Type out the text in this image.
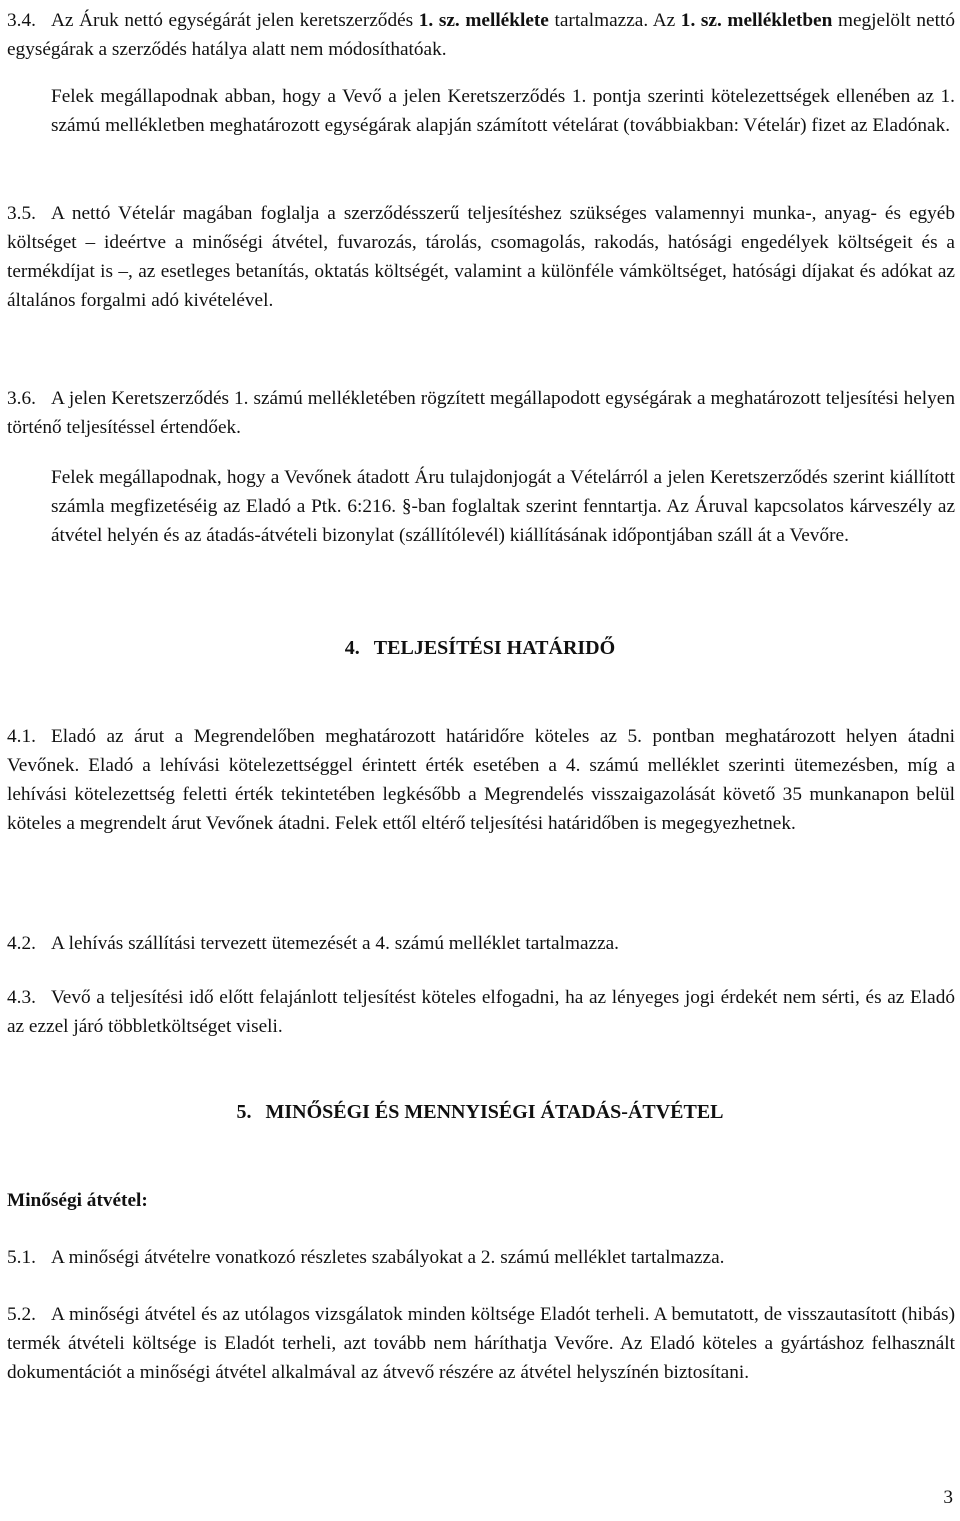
3.4. Az Áruk nettó egységárát jelen keretszerződés 1. sz. melléklete tartalmazza. Az 1. sz. mellékletben megjelölt nettó egységárak a szerződés hatálya alatt nem módosíthatóak.
Felek megállapodnak abban, hogy a Vevő a jelen Keretszerződés 1. pontja szerinti kötelezettségek ellenében az 1. számú mellékletben meghatározott egységárak alapján számított vételárat (továbbiakban: Vételár) fizet az Eladónak.
3.5. A nettó Vételár magában foglalja a szerződésszerű teljesítéshez szükséges valamennyi munka-, anyag- és egyéb költséget – ideértve a minőségi átvétel, fuvarozás, tárolás, csomagolás, rakodás, hatósági engedélyek költségeit és a termékdíjat is –, az esetleges betanítás, oktatás költségét, valamint a különféle vámköltséget, hatósági díjakat és adókat az általános forgalmi adó kivételével.
3.6. A jelen Keretszerződés 1. számú mellékletében rögzített megállapodott egységárak a meghatározott teljesítési helyen történő teljesítéssel értendőek.
Felek megállapodnak, hogy a Vevőnek átadott Áru tulajdonjogát a Vételárról a jelen Keretszerződés szerint kiállított számla megfizetéséig az Eladó a Ptk. 6:216. §-ban foglaltak szerint fenntartja. Az Áruval kapcsolatos kárveszély az átvétel helyén és az átadás-átvételi bizonylat (szállítólevél) kiállításának időpontjában száll át a Vevőre.
4. TELJESÍTÉSI HATÁRIDŐ
4.1. Eladó az árut a Megrendelőben meghatározott határidőre köteles az 5. pontban meghatározott helyen átadni Vevőnek. Eladó a lehívási kötelezettséggel érintett érték esetében a 4. számú melléklet szerinti ütemezésben, míg a lehívási kötelezettség feletti érték tekintetében legkésőbb a Megrendelés visszaigazolását követő 35 munkanapon belül köteles a megrendelt árut Vevőnek átadni. Felek ettől eltérő teljesítési határidőben is megegyezhetnek.
4.2. A lehívás szállítási tervezett ütemezését a 4. számú melléklet tartalmazza.
4.3. Vevő a teljesítési idő előtt felajánlott teljesítést köteles elfogadni, ha az lényeges jogi érdekét nem sérti, és az Eladó az ezzel járó többletköltséget viseli.
5. MINŐSÉGI ÉS MENNYISÉGI ÁTADÁS-ÁTVÉTEL
Minőségi átvétel:
5.1. A minőségi átvételre vonatkozó részletes szabályokat a 2. számú melléklet tartalmazza.
5.2. A minőségi átvétel és az utólagos vizsgálatok minden költsége Eladót terheli. A bemutatott, de visszautasított (hibás) termék átvételi költsége is Eladót terheli, azt tovább nem háríthatja Vevőre. Az Eladó köteles a gyártáshoz felhasznált dokumentációt a minőségi átvétel alkalmával az átvevő részére az átvétel helyszínén biztosítani.
3
